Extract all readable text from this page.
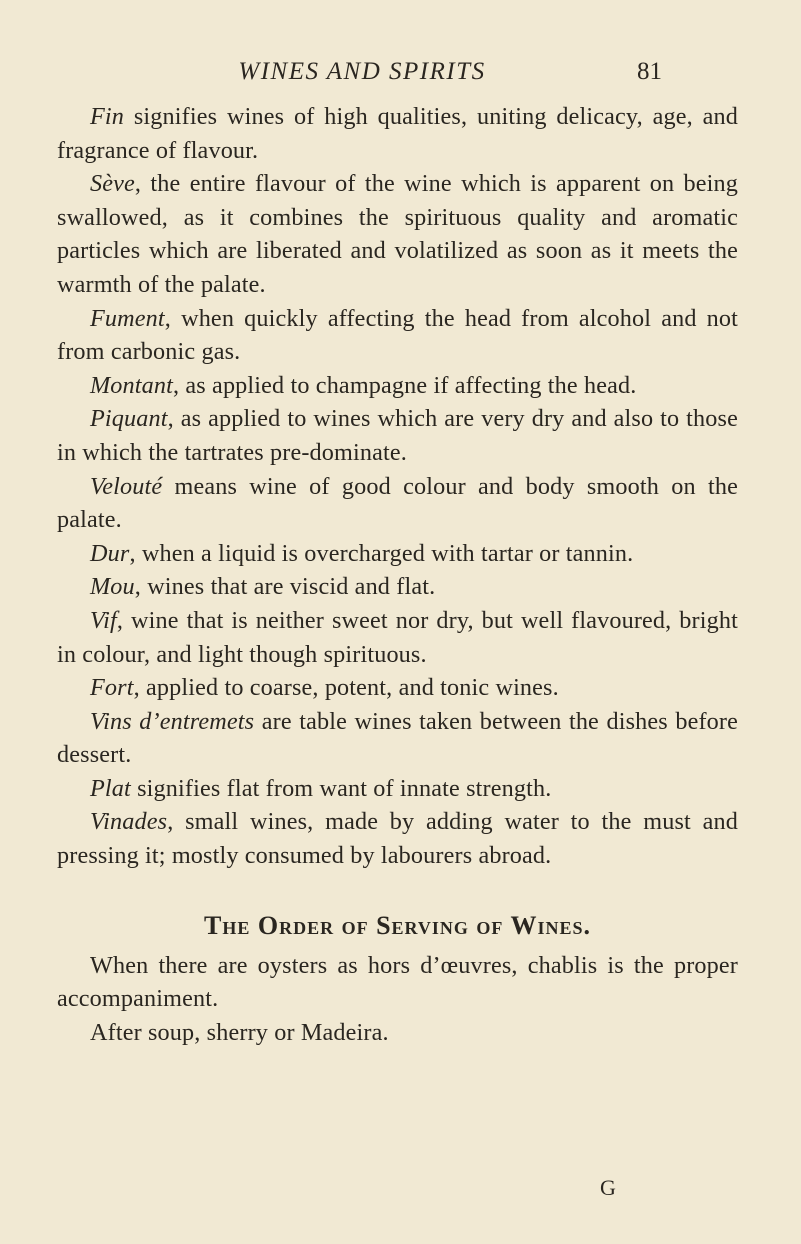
WINES AND SPIRITS	81

Fin signifies wines of high qualities, uniting delicacy, age, and fragrance of flavour.

Sève, the entire flavour of the wine which is apparent on being swallowed, as it combines the spirituous quality and aromatic particles which are liberated and volatilized as soon as it meets the warmth of the palate.

Fument, when quickly affecting the head from alcohol and not from carbonic gas.

Montant, as applied to champagne if affecting the head.

Piquant, as applied to wines which are very dry and also to those in which the tartrates pre-dominate.

Velouté means wine of good colour and body smooth on the palate.

Dur, when a liquid is overcharged with tartar or tannin.

Mou, wines that are viscid and flat.

Vif, wine that is neither sweet nor dry, but well flavoured, bright in colour, and light though spirituous.

Fort, applied to coarse, potent, and tonic wines.

Vins d’entremets are table wines taken between the dishes before dessert.

Plat signifies flat from want of innate strength.

Vinades, small wines, made by adding water to the must and pressing it; mostly consumed by labourers abroad.

The Order of Serving of Wines.

When there are oysters as hors d’œuvres, chablis is the proper accompaniment.

After soup, sherry or Madeira.

G
